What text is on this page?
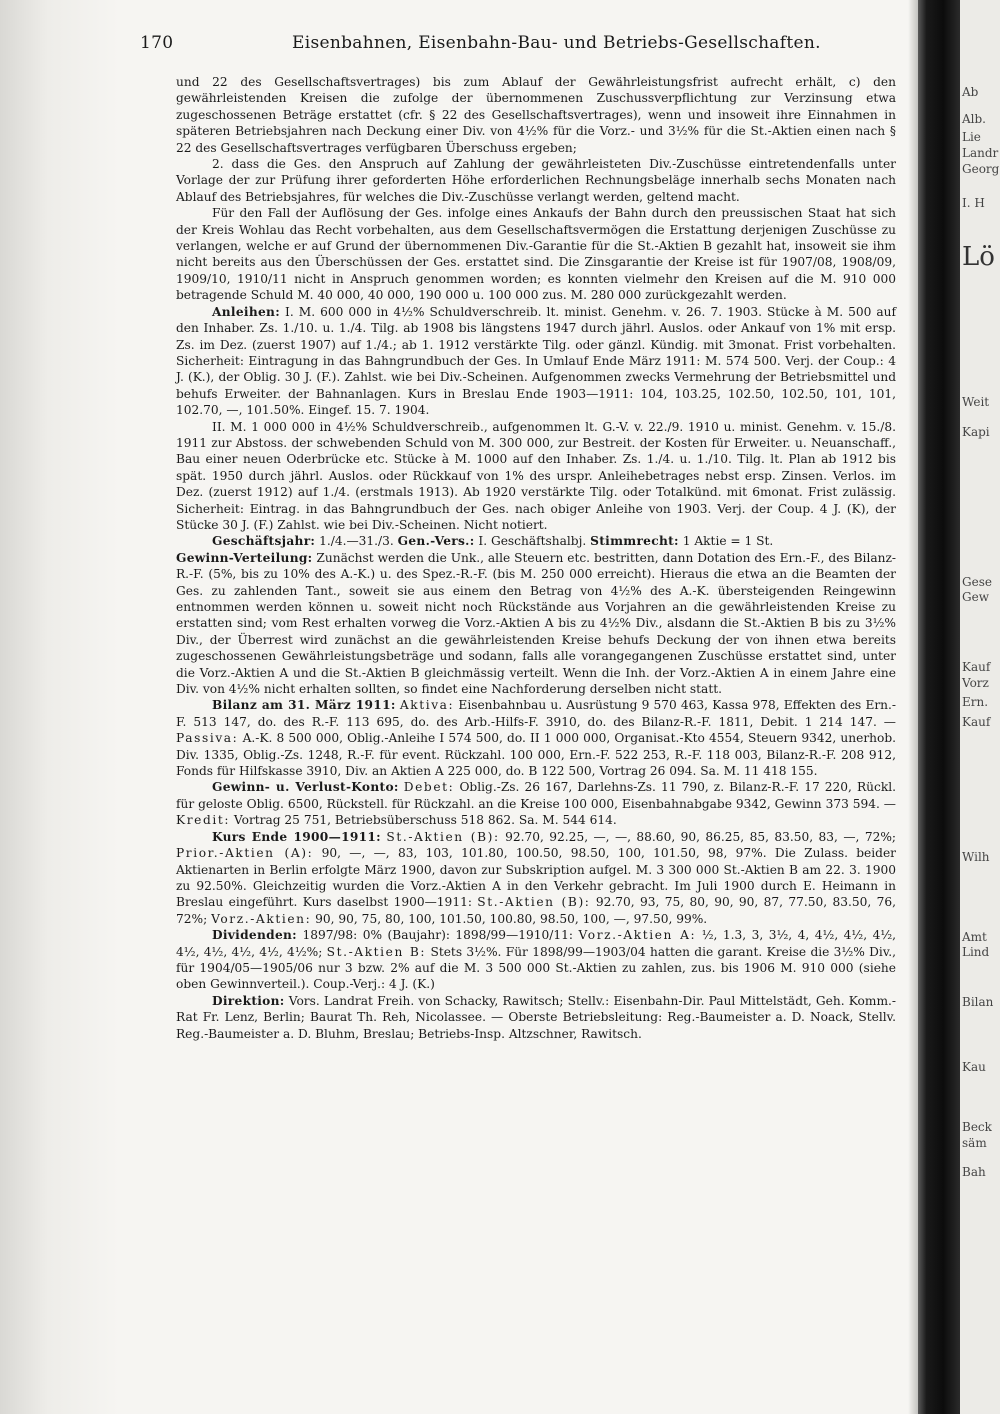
170	Eisenbahnen, Eisenbahn-Bau- und Betriebs-Gesellschaften.

und 22 des Gesellschaftsvertrages) bis zum Ablauf der Gewährleistungsfrist aufrecht erhält, c) den gewährleistenden Kreisen die zufolge der übernommenen Zuschussverpflichtung zur Verzinsung etwa zugeschossenen Beträge erstattet (cfr. § 22 des Gesellschaftsvertrages), wenn und insoweit ihre Einnahmen in späteren Betriebsjahren nach Deckung einer Div. von 4½% für die Vorz.- und 3½% für die St.-Aktien einen nach § 22 des Gesellschaftsvertrages verfügbaren Überschuss ergeben;

2. dass die Ges. den Anspruch auf Zahlung der gewährleisteten Div.-Zuschüsse eintretendenfalls unter Vorlage der zur Prüfung ihrer geforderten Höhe erforderlichen Rechnungsbeläge innerhalb sechs Monaten nach Ablauf des Betriebsjahres, für welches die Div.-Zuschüsse verlangt werden, geltend macht.

Für den Fall der Auflösung der Ges. infolge eines Ankaufs der Bahn durch den preussischen Staat hat sich der Kreis Wohlau das Recht vorbehalten, aus dem Gesellschaftsvermögen die Erstattung derjenigen Zuschüsse zu verlangen, welche er auf Grund der übernommenen Div.-Garantie für die St.-Aktien B gezahlt hat, insoweit sie ihm nicht bereits aus den Überschüssen der Ges. erstattet sind. Die Zinsgarantie der Kreise ist für 1907/08, 1908/09, 1909/10, 1910/11 nicht in Anspruch genommen worden; es konnten vielmehr den Kreisen auf die M. 910 000 betragende Schuld M. 40 000, 40 000, 190 000 u. 100 000 zus. M. 280 000 zurückgezahlt werden.

Anleihen: I. M. 600 000 in 4½% Schuldverschreib. lt. minist. Genehm. v. 26. 7. 1903. Stücke à M. 500 auf den Inhaber. Zs. 1./10. u. 1./4. Tilg. ab 1908 bis längstens 1947 durch jährl. Auslos. oder Ankauf von 1% mit ersp. Zs. im Dez. (zuerst 1907) auf 1./4.; ab 1. 1912 verstärkte Tilg. oder gänzl. Kündig. mit 3monat. Frist vorbehalten. Sicherheit: Eintragung in das Bahngrundbuch der Ges. In Umlauf Ende März 1911: M. 574 500. Verj. der Coup.: 4 J. (K.), der Oblig. 30 J. (F.). Zahlst. wie bei Div.-Scheinen. Aufgenommen zwecks Vermehrung der Betriebsmittel und behufs Erweiter. der Bahnanlagen. Kurs in Breslau Ende 1903—1911: 104, 103.25, 102.50, 102.50, 101, 101, 102.70, —, 101.50%. Eingef. 15. 7. 1904.

II. M. 1 000 000 in 4½% Schuldverschreib., aufgenommen lt. G.-V. v. 22./9. 1910 u. minist. Genehm. v. 15./8. 1911 zur Abstoss. der schwebenden Schuld von M. 300 000, zur Bestreit. der Kosten für Erweiter. u. Neuanschaff., Bau einer neuen Oderbrücke etc. Stücke à M. 1000 auf den Inhaber. Zs. 1./4. u. 1./10. Tilg. lt. Plan ab 1912 bis spät. 1950 durch jährl. Auslos. oder Rückkauf von 1% des urspr. Anleihebetrages nebst ersp. Zinsen. Verlos. im Dez. (zuerst 1912) auf 1./4. (erstmals 1913). Ab 1920 verstärkte Tilg. oder Totalkünd. mit 6monat. Frist zulässig. Sicherheit: Eintrag. in das Bahngrundbuch der Ges. nach obiger Anleihe von 1903. Verj. der Coup. 4 J. (K), der Stücke 30 J. (F.) Zahlst. wie bei Div.-Scheinen. Nicht notiert.

Geschäftsjahr: 1./4.—31./3. Gen.-Vers.: I. Geschäftshalbj. Stimmrecht: 1 Aktie = 1 St.

Gewinn-Verteilung: Zunächst werden die Unk., alle Steuern etc. bestritten, dann Dotation des Ern.-F., des Bilanz-R.-F. (5%, bis zu 10% des A.-K.) u. des Spez.-R.-F. (bis M. 250 000 erreicht). Hieraus die etwa an die Beamten der Ges. zu zahlenden Tant., soweit sie aus einem den Betrag von 4½% des A.-K. übersteigenden Reingewinn entnommen werden können u. soweit nicht noch Rückstände aus Vorjahren an die gewährleistenden Kreise zu erstatten sind; vom Rest erhalten vorweg die Vorz.-Aktien A bis zu 4½% Div., alsdann die St.-Aktien B bis zu 3½% Div., der Überrest wird zunächst an die gewährleistenden Kreise behufs Deckung der von ihnen etwa bereits zugeschossenen Gewährleistungsbeträge und sodann, falls alle vorangegangenen Zuschüsse erstattet sind, unter die Vorz.-Aktien A und die St.-Aktien B gleichmässig verteilt. Wenn die Inh. der Vorz.-Aktien A in einem Jahre eine Div. von 4½% nicht erhalten sollten, so findet eine Nachforderung derselben nicht statt.

Bilanz am 31. März 1911: Aktiva: Eisenbahnbau u. Ausrüstung 9 570 463, Kassa 978, Effekten des Ern.-F. 513 147, do. des R.-F. 113 695, do. des Arb.-Hilfs-F. 3910, do. des Bilanz-R.-F. 1811, Debit. 1 214 147. — Passiva: A.-K. 8 500 000, Oblig.-Anleihe I 574 500, do. II 1 000 000, Organisat.-Kto 4554, Steuern 9342, unerhob. Div. 1335, Oblig.-Zs. 1248, R.-F. für event. Rückzahl. 100 000, Ern.-F. 522 253, R.-F. 118 003, Bilanz-R.-F. 208 912, Fonds für Hilfskasse 3910, Div. an Aktien A 225 000, do. B 122 500, Vortrag 26 094. Sa. M. 11 418 155.

Gewinn- u. Verlust-Konto: Debet: Oblig.-Zs. 26 167, Darlehns-Zs. 11 790, z. Bilanz-R.-F. 17 220, Rückl. für geloste Oblig. 6500, Rückstell. für Rückzahl. an die Kreise 100 000, Eisenbahnabgabe 9342, Gewinn 373 594. — Kredit: Vortrag 25 751, Betriebsüberschuss 518 862. Sa. M. 544 614.

Kurs Ende 1900—1911: St.-Aktien (B): 92.70, 92.25, —, —, 88.60, 90, 86.25, 85, 83.50, 83, —, 72%; Prior.-Aktien (A): 90, —, —, 83, 103, 101.80, 100.50, 98.50, 100, 101.50, 98, 97%. Die Zulass. beider Aktienarten in Berlin erfolgte März 1900, davon zur Subskription aufgel. M. 3 300 000 St.-Aktien B am 22. 3. 1900 zu 92.50%. Gleichzeitig wurden die Vorz.-Aktien A in den Verkehr gebracht. Im Juli 1900 durch E. Heimann in Breslau eingeführt. Kurs daselbst 1900—1911: St.-Aktien (B): 92.70, 93, 75, 80, 90, 90, 87, 77.50, 83.50, 76, 72%; Vorz.-Aktien: 90, 90, 75, 80, 100, 101.50, 100.80, 98.50, 100, —, 97.50, 99%.

Dividenden: 1897/98: 0% (Baujahr): 1898/99—1910/11: Vorz.-Aktien A: ½, 1.3, 3, 3½, 4, 4½, 4½, 4½, 4½, 4½, 4½, 4½, 4½%; St.-Aktien B: Stets 3½%. Für 1898/99—1903/04 hatten die garant. Kreise die 3½% Div., für 1904/05—1905/06 nur 3 bzw. 2% auf die M. 3 500 000 St.-Aktien zu zahlen, zus. bis 1906 M. 910 000 (siehe oben Gewinnverteil.). Coup.-Verj.: 4 J. (K.)

Direktion: Vors. Landrat Freih. von Schacky, Rawitsch; Stellv.: Eisenbahn-Dir. Paul Mittelstädt, Geh. Komm.-Rat Fr. Lenz, Berlin; Baurat Th. Reh, Nicolassee. — Oberste Betriebsleitung: Reg.-Baumeister a. D. Noack, Stellv. Reg.-Baumeister a. D. Bluhm, Breslau; Betriebs-Insp. Altzschner, Rawitsch.

Ab
Alb.
Lie
Landr
Georg
I. H
Lö
Weit
Kapi
Gese
Gew
Kauf
Vorz
Ern.
Kauf
Wilh
Amt
Lind
Bilan
Kau
Beck
säm
Bah
